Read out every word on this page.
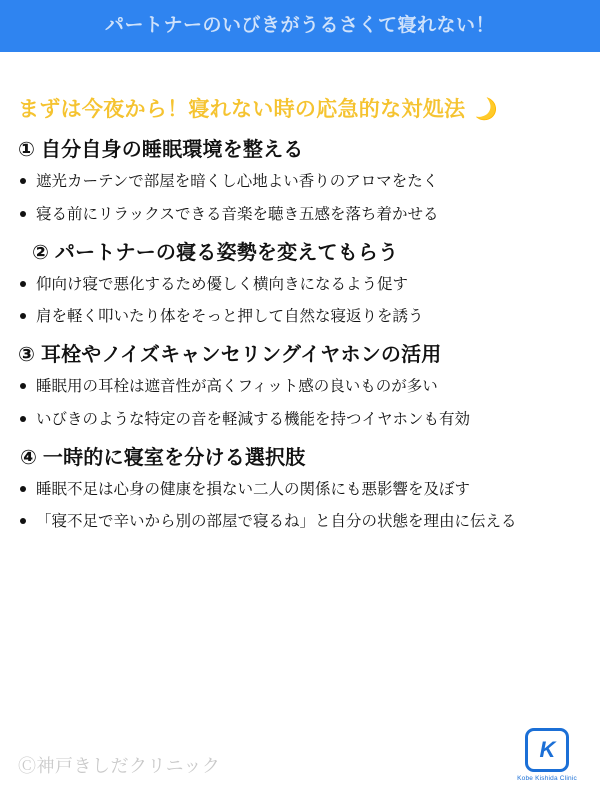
パートナーのいびきがうるさくて寝れない！
まずは今夜から！寝れない時の応急的な対処法 🌙
① 自分自身の睡眠環境を整える
遮光カーテンで部屋を暗くし心地よい香りのアロマをたく
寝る前にリラックスできる音楽を聴き五感を落ち着かせる
② パートナーの寝る姿勢を変えてもらう
仰向け寝で悪化するため優しく横向きになるよう促す
肩を軽く叩いたり体をそっと押して自然な寝返りを誘う
③ 耳栓やノイズキャンセリングイヤホンの活用
睡眠用の耳栓は遮音性が高くフィット感の良いものが多い
いびきのような特定の音を軽減する機能を持つイヤホンも有効
④ 一時的に寝室を分ける選択肢
睡眠不足は心身の健康を損ない二人の関係にも悪影響を及ぼす
「寝不足で辛いから別の部屋で寝るね」と自分の状態を理由に伝える
Ⓒ神戸きしだクリニック
K
Kobe Kishida Clinic
